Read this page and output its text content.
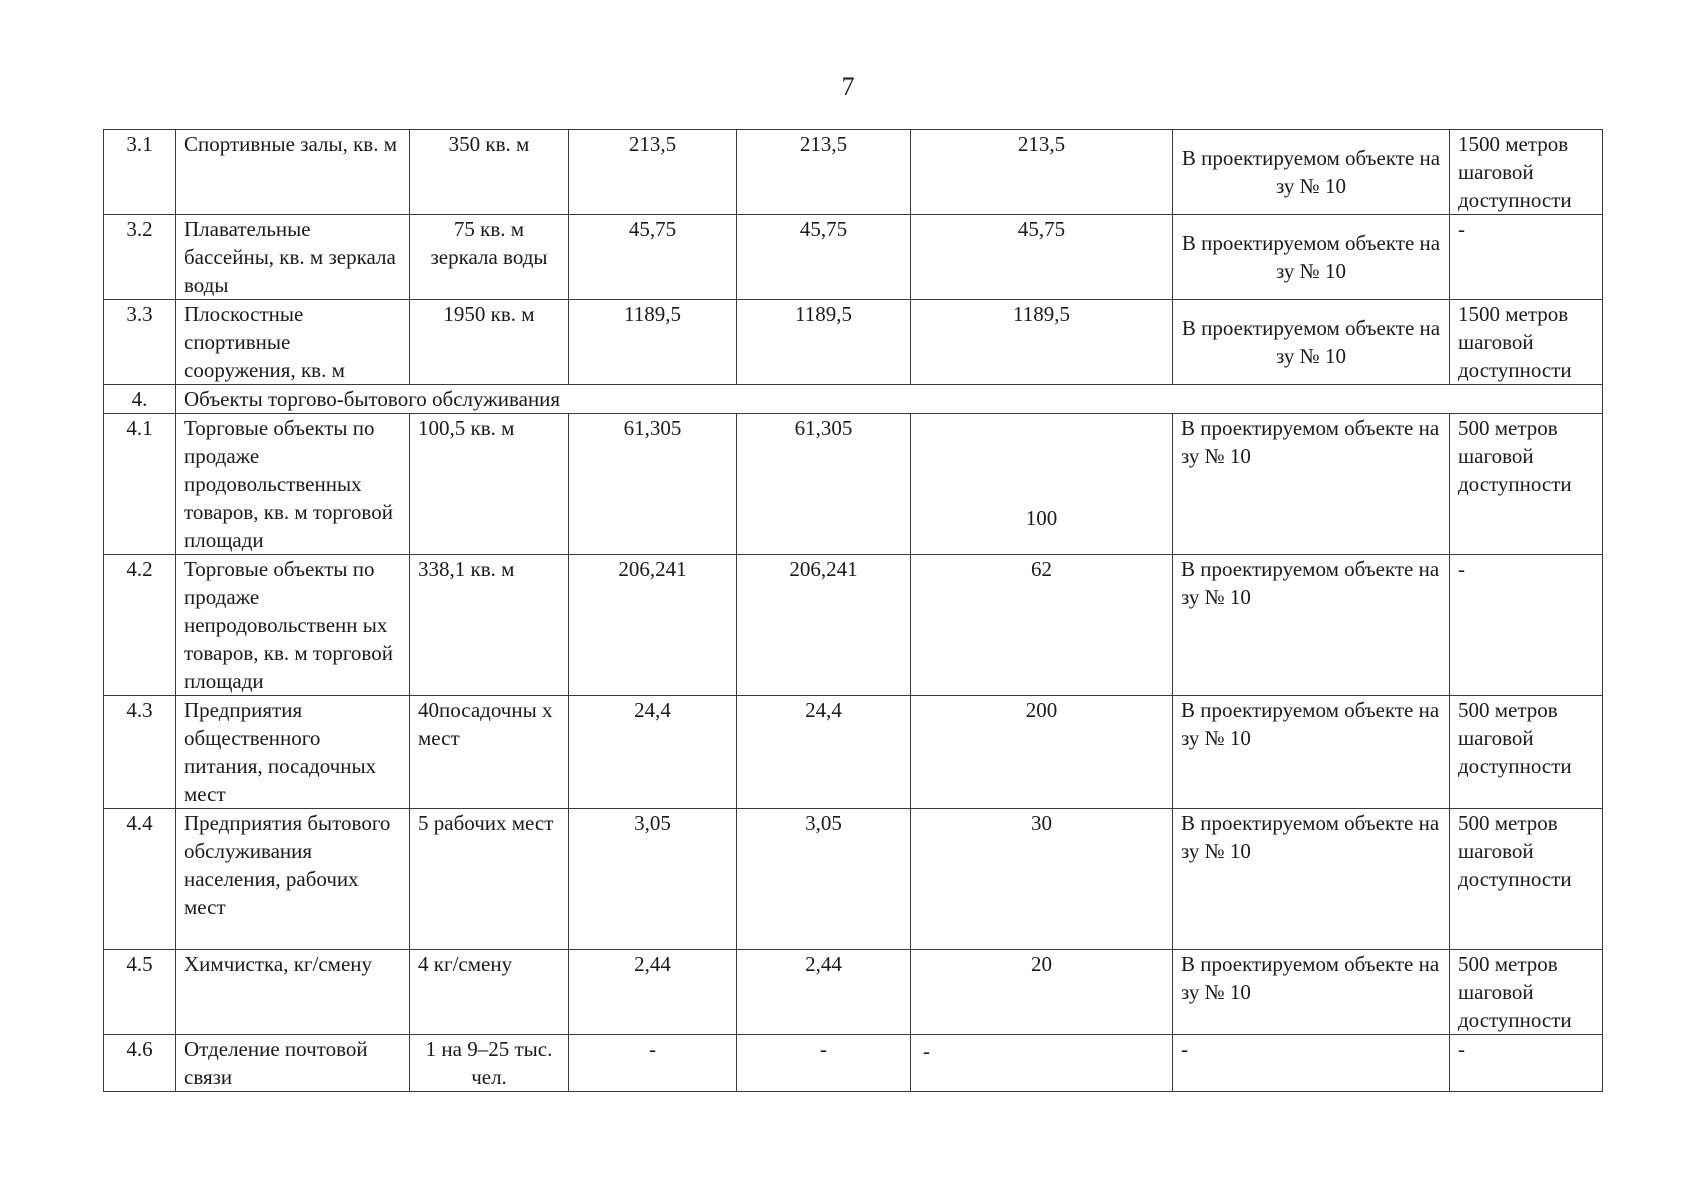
7
3.1	Спортивные залы, кв. м	350 кв. м	213,5	213,5	213,5	В проектируемом объекте на зу № 10	1500 метров шаговой доступности
3.2	Плавательные бассейны, кв. м зеркала воды	75 кв. м зеркала воды	45,75	45,75	45,75	В проектируемом объекте на зу № 10	-
3.3	Плоскостные спортивные сооружения, кв. м	1950 кв. м	1189,5	1189,5	1189,5	В проектируемом объекте на зу № 10	1500 метров шаговой доступности
4.	Объекты торгово-бытового обслуживания						
4.1	Торговые объекты по продаже продовольственных товаров, кв. м торговой площади	100,5 кв. м	61,305	61,305	100	В проектируемом объекте на зу № 10	500 метров шаговой доступности
4.2	Торговые объекты по продаже непродовольственн ых товаров, кв. м торговой площади	338,1 кв. м	206,241	206,241	62	В проектируемом объекте на зу № 10	-
4.3	Предприятия общественного питания, посадочных мест	40посадочны х мест	24,4	24,4	200	В проектируемом объекте на зу № 10	500 метров шаговой доступности
4.4	Предприятия бытового обслуживания населения, рабочих мест	5 рабочих мест	3,05	3,05	30	В проектируемом объекте на зу № 10	500 метров шаговой доступности
4.5	Химчистка, кг/смену	4 кг/смену	2,44	2,44	20	В проектируемом объекте на зу № 10	500 метров шаговой доступности
4.6	Отделение почтовой связи	1 на 9–25 тыс. чел.	-	-	-	-	-
